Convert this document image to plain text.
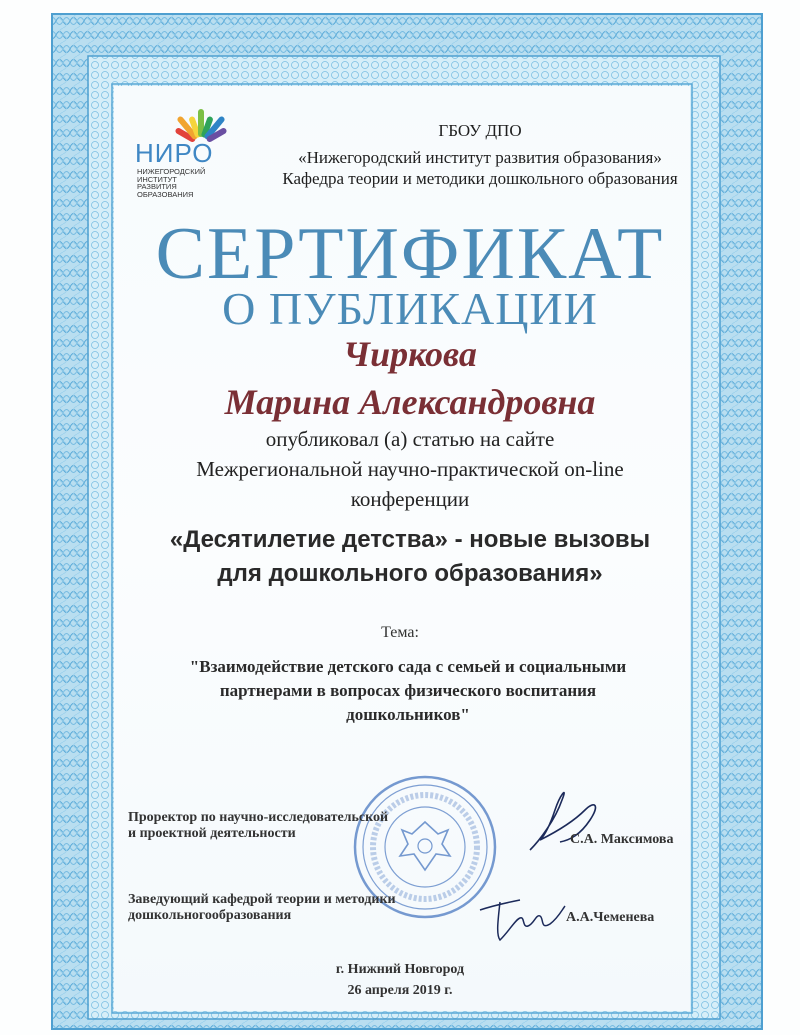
НИРО
НИЖЕГОРОДСКИЙ
ИНСТИТУТ
РАЗВИТИЯ
ОБРАЗОВАНИЯ
ГБОУ ДПО
«Нижегородский институт развития образования»
Кафедра теории и методики дошкольного образования
СЕРТИФИКАТ
О ПУБЛИКАЦИИ
Чиркова
Марина Александровна
опубликовал (а) статью на сайте
Межрегиональной научно-практической on-line
конференции
«Десятилетие детства» - новые вызовы
для дошкольного образования»
Тема:
"Взаимодействие детского сада с семьей и социальными
партнерами в вопросах физического воспитания
дошкольников"
Проректор по научно-исследовательской
и проектной деятельности	С.А. Максимова
Заведующий кафедрой теории и методики
дошкольногообразования	А.А.Чеменева
г. Нижний Новгород
26 апреля 2019 г.
